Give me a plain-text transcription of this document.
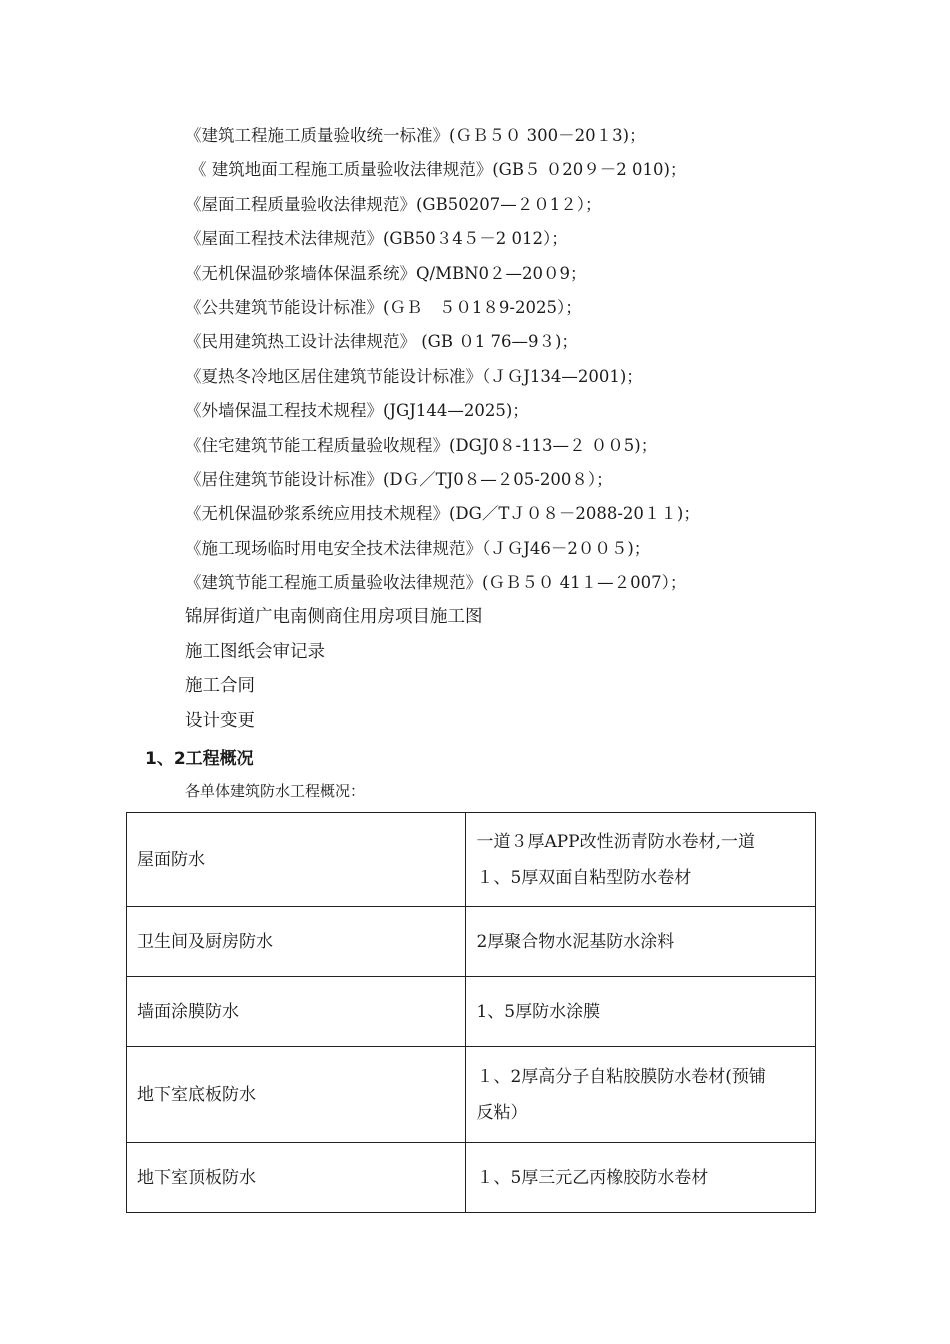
《建筑工程施工质量验收统一标准》(ＧＢ５０ 300－20１3)；
《 建筑地面工程施工质量验收法律规范》(GB５ ０20９－2 010)；
《屋面工程质量验收法律规范》(GB50207—２０1２）；
《屋面工程技术法律规范》(GB50３4５－2 012）；
《无机保温砂浆墙体保温系统》Q/MBN0２—20０9；
《公共建筑节能设计标准》(ＧＢ　５０1８9-2025）；
《民用建筑热工设计法律规范》 (GB ０1 76—9３)；
《夏热冬冷地区居住建筑节能设计标准》（ＪＧJ134—2001)；
《外墙保温工程技术规程》(JGJ144—2025)；
《住宅建筑节能工程质量验收规程》(DGJ0８-113—２ ００5)；
《居住建筑节能设计标准》(DＧ／TJ0８—２05-200８）；
《无机保温砂浆系统应用技术规程》(DG／TＪ０８－2088-20１１)；
《施工现场临时用电安全技术法律规范》（ＪＧJ46－2００５)；
《建筑节能工程施工质量验收法律规范》(ＧＢ５０ 41１—２007）；
锦屏街道广电南侧商住用房项目施工图
施工图纸会审记录
施工合同
设计变更
1、2工程概况
各单体建筑防水工程概况：
屋面防水	一道３厚APP改性沥青防水卷材,一道
１、5厚双面自粘型防水卷材

卫生间及厨房防水	2厚聚合物水泥基防水涂料

墙面涂膜防水	1、5厚防水涂膜

地下室底板防水	１、2厚高分子自粘胶膜防水卷材(预铺
反粘）

地下室顶板防水	１、5厚三元乙丙橡胶防水卷材
